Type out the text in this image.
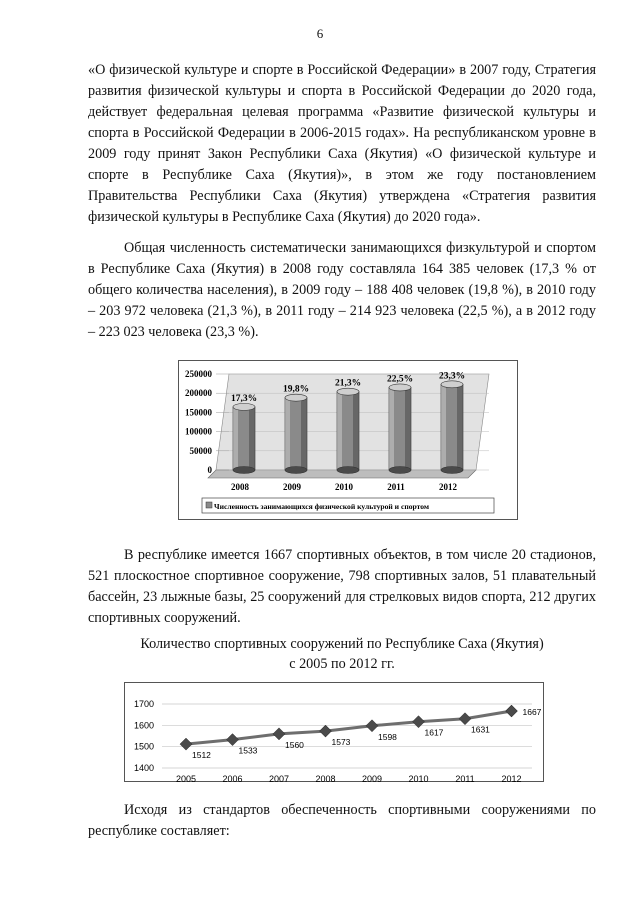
6

«О физической культуре и спорте в Российской Федерации» в 2007 году, Стратегия развития физической культуры и спорта в Российской Федерации до 2020 года, действует федеральная целевая программа «Развитие физической культуры и спорта в Российской Федерации в 2006-2015 годах». На республиканском уровне в 2009 году принят Закон Республики Саха (Якутия) «О физической культуре и спорте в Республике Саха (Якутия)», в этом же году постановлением Правительства Республики Саха (Якутия) утверждена «Стратегия развития физической культуры в Республике Саха (Якутия) до 2020 года».

Общая численность систематически занимающихся физкультурой и спортом в Республике Саха (Якутия) в 2008 году составляла 164 385 человек (17,3 % от общего количества населения), в 2009 году – 188 408 человек (19,8 %), в 2010 году – 203 972 человека (21,3 %), в 2011 году – 214 923 человека (22,5 %), а в 2012 году – 223 023 человека (23,3 %).

0
50000
100000
150000
200000
250000
17,3%
19,8%
21,3%	22,5%	23,3%
2008	2009	2010	2011	2012
Численность занимающихся физической культурой и спортом

В республике имеется 1667 спортивных объектов, в том числе 20 стадионов, 521 плоскостное спортивное сооружение, 798 спортивных залов, 51 плавательный бассейн, 23 лыжные базы, 25 сооружений для стрелковых видов спорта, 212 других спортивных сооружений.

Количество спортивных сооружений по Республике Саха (Якутия)
с 2005 по 2012 гг.
1400
1500
1600
1700
1512	1533
1560	1573
1598	1617	1631
1667
2005	2006	2007	2008	2009	2010	2011	2012

Исходя из стандартов обеспеченность спортивными сооружениями по республике составляет:
